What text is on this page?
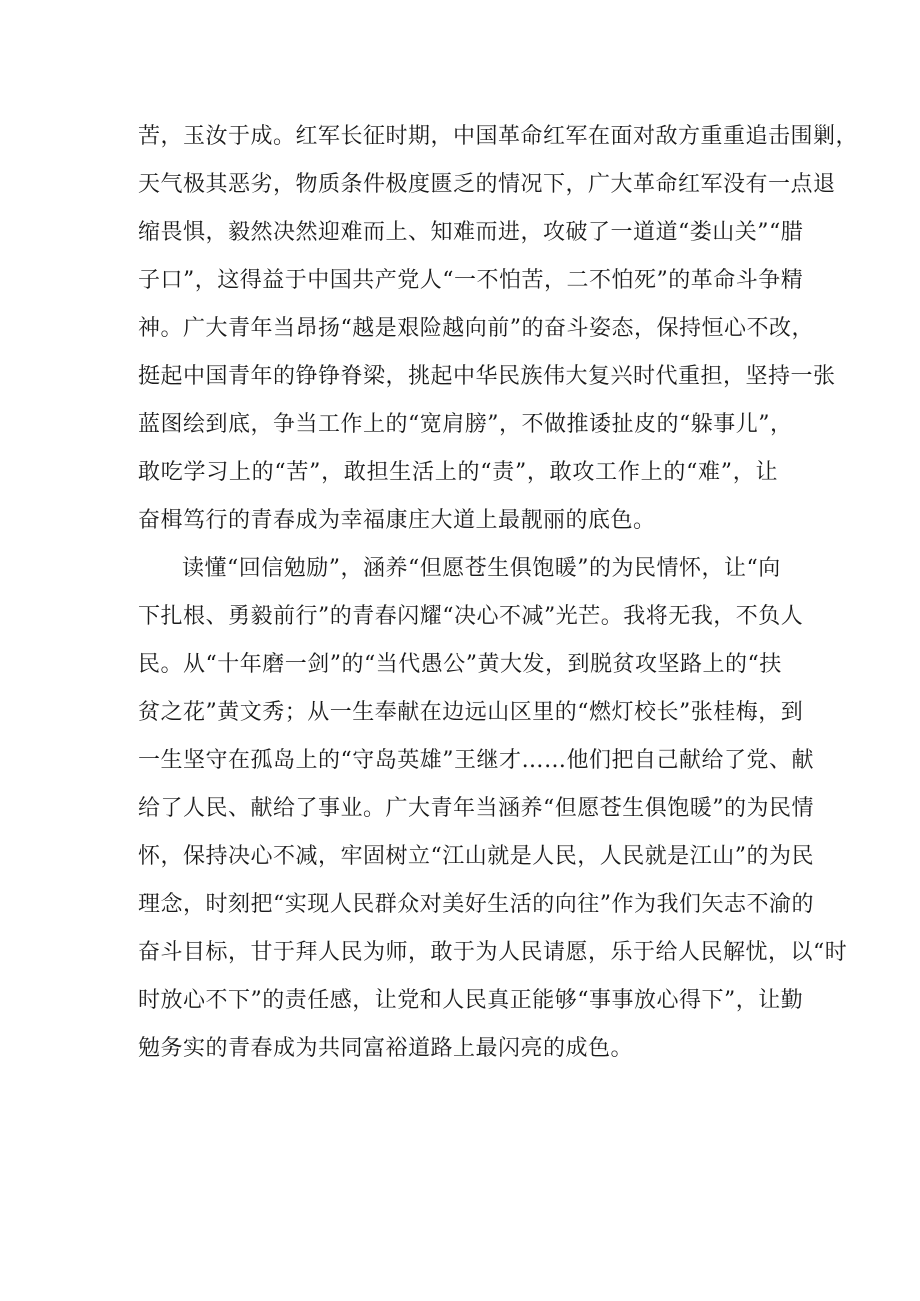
苦，玉汝于成。红军长征时期，中国革命红军在面对敌方重重追击围剿，
天气极其恶劣，物质条件极度匮乏的情况下，广大革命红军没有一点退
缩畏惧，毅然决然迎难而上、知难而进，攻破了一道道“娄山关”“腊
子口”，这得益于中国共产党人“一不怕苦，二不怕死”的革命斗争精
神。广大青年当昂扬“越是艰险越向前”的奋斗姿态，保持恒心不改，
挺起中国青年的铮铮脊梁，挑起中华民族伟大复兴时代重担，坚持一张
蓝图绘到底，争当工作上的“宽肩膀”，不做推诿扯皮的“躲事儿”，
敢吃学习上的“苦”，敢担生活上的“责”，敢攻工作上的“难”，让
奋楫笃行的青春成为幸福康庄大道上最靓丽的底色。
读懂“回信勉励”，涵养“但愿苍生俱饱暖”的为民情怀，让“向
下扎根、勇毅前行”的青春闪耀“决心不减”光芒。我将无我，不负人
民。从“十年磨一剑”的“当代愚公”黄大发，到脱贫攻坚路上的“扶
贫之花”黄文秀；从一生奉献在边远山区里的“燃灯校长”张桂梅，到
一生坚守在孤岛上的“守岛英雄”王继才……他们把自己献给了党、献
给了人民、献给了事业。广大青年当涵养“但愿苍生俱饱暖”的为民情
怀，保持决心不减，牢固树立“江山就是人民，人民就是江山”的为民
理念，时刻把“实现人民群众对美好生活的向往”作为我们矢志不渝的
奋斗目标，甘于拜人民为师，敢于为人民请愿，乐于给人民解忧，以“时
时放心不下”的责任感，让党和人民真正能够“事事放心得下”，让勤
勉务实的青春成为共同富裕道路上最闪亮的成色。
